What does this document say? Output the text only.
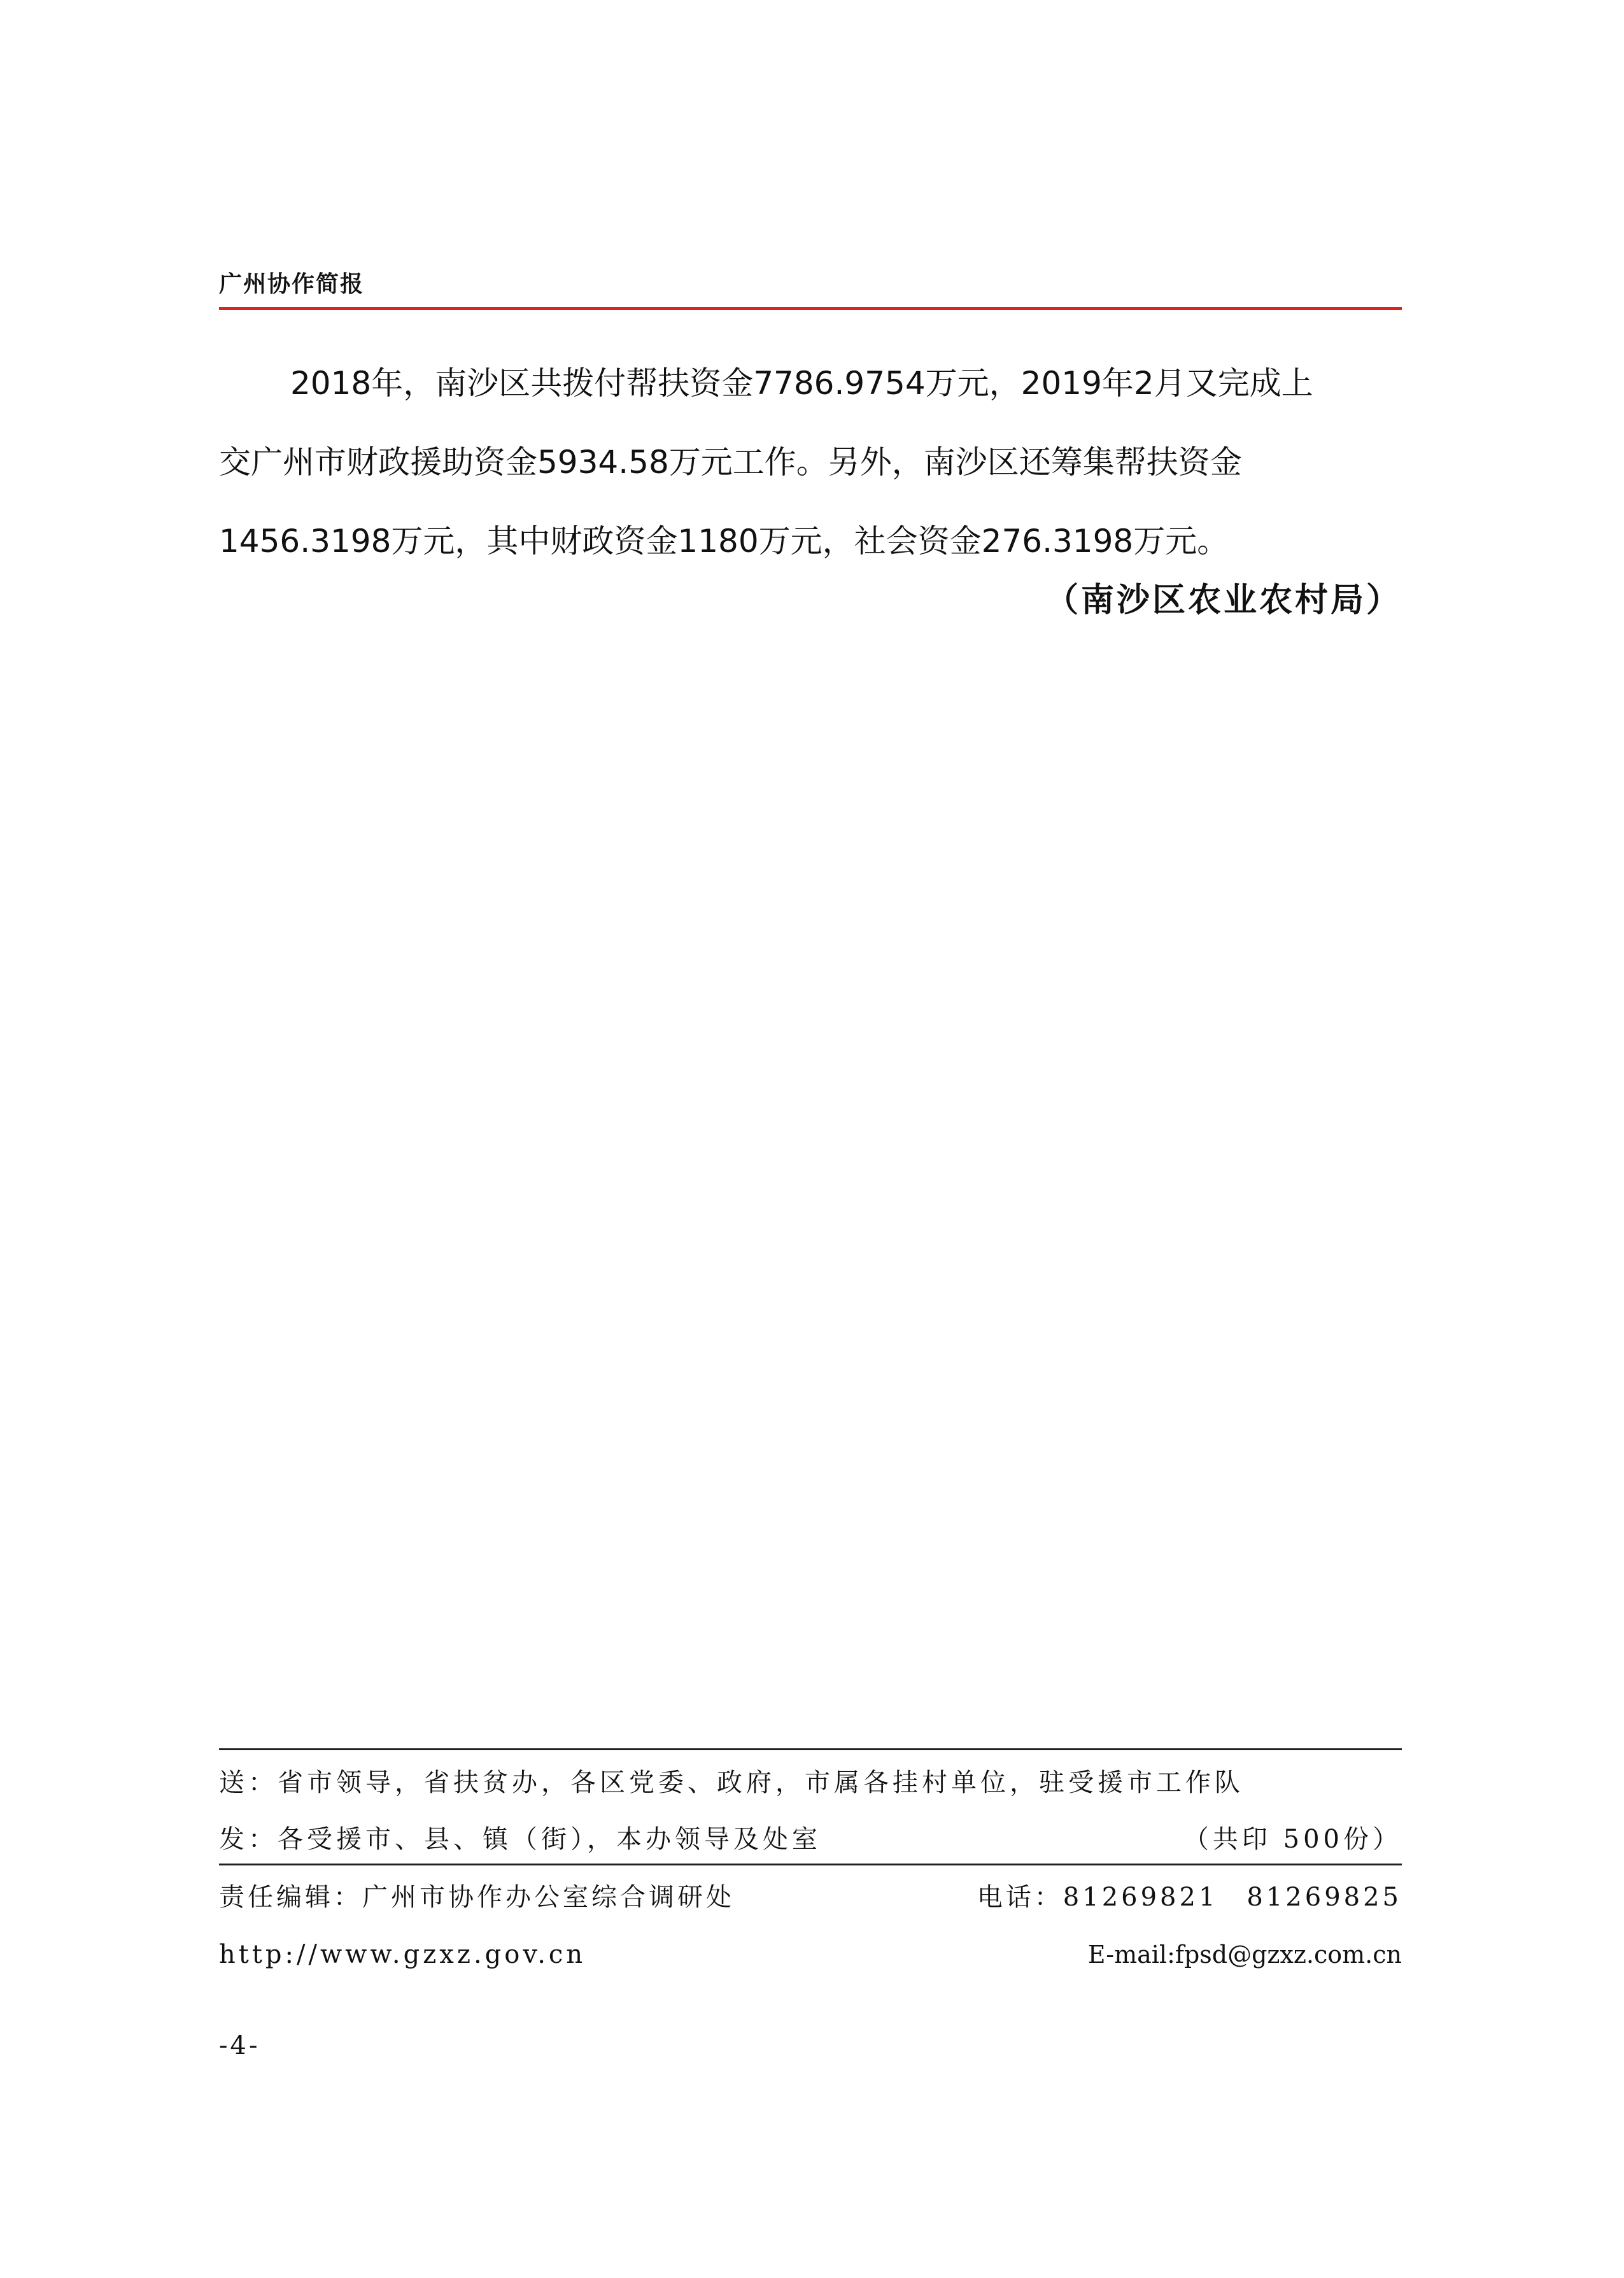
广州协作简报
2018年，南沙区共拨付帮扶资金7786.9754万元，2019年2月又完成上
交广州市财政援助资金5934.58万元工作。另外，南沙区还筹集帮扶资金
1456.3198万元，其中财政资金1180万元，社会资金276.3198万元。
（南沙区农业农村局）
送：省市领导，省扶贫办，各区党委、政府，市属各挂村单位，驻受援市工作队
发：各受援市、县、镇（街），本办领导及处室	（共印 500份）
责任编辑：广州市协作办公室综合调研处	电话：81269821　81269825
http://www.gzxz.gov.cn	E-mail:fpsd@gzxz.com.cn
-4-
